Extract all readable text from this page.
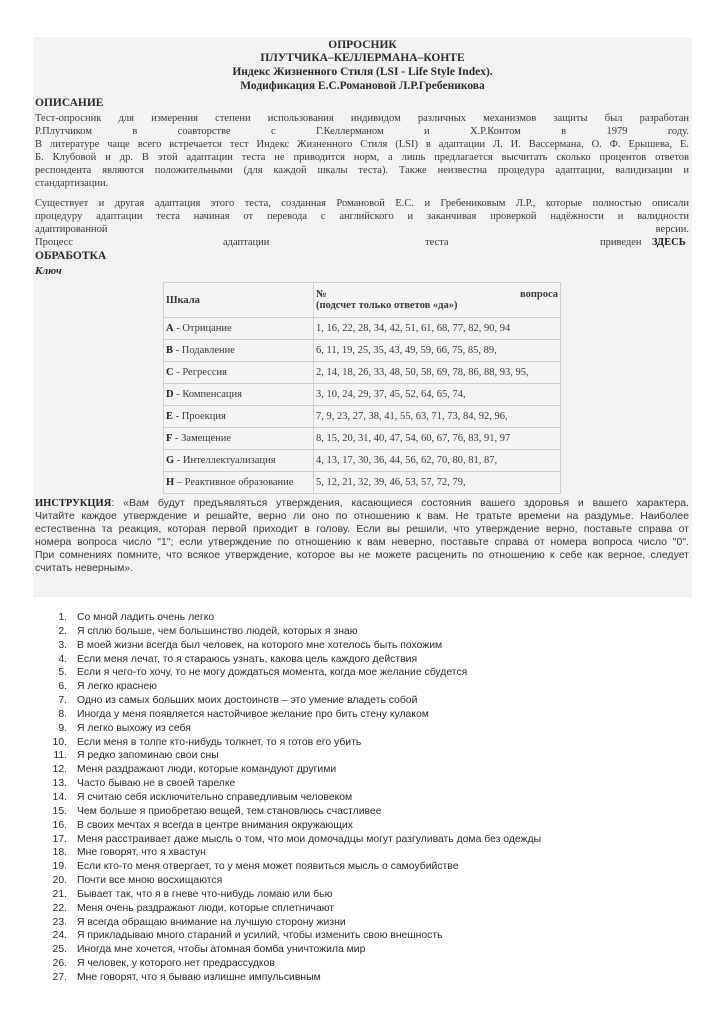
ОПРОСНИК
ПЛУТЧИКА–КЕЛЛЕРМАНА–КОНТЕ
Индекс Жизненного Стиля (LSI - Life Style Index).
Модификация Е.С.Романовой Л.Р.Гребеникова
ОПИСАНИЕ

Тест-опросник для измерения степени использования индивидом различных механизмов защиты был разработан
Р.Плутчиком в соавторстве с Г.Келлерманом и Х.Р.Контом в 1979 году.
В литературе чаще всего встречается тест Индекс Жизненного Стиля (LSI) в адаптации Л. И. Вассермана, О. Ф. Ерышева, Е.
Б. Клубовой и др. В этой адаптации теста не приводится норм, а лишь предлагается высчитать сколько процентов ответов
респондента являются положительными (для каждой шкалы теста). Также неизвестна процедура адаптации, валидизации и
стандартизации.

Существует и другая адаптация этого теста, созданная Романовой Е.С. и Гребениковым Л.Р., которые полностью описали
процедуру адаптации теста начиная от перевода с английского и заканчивая проверкой надёжности и валидности
адаптированной версии.

Процесс	адаптации	теста	приведен ЗДЕСЬ
ОБРАБОТКА
Ключ
Шкала	№ вопроса
(подсчет только ответов «да»)

A - Отрицание	1, 16, 22, 28, 34, 42, 51, 61, 68, 77, 82, 90, 94
B - Подавление	6, 11, 19, 25, 35, 43, 49, 59, 66, 75, 85, 89,
C - Регрессия	2, 14, 18, 26, 33, 48, 50, 58, 69, 78, 86, 88, 93, 95,
D - Компенсация	3, 10, 24, 29, 37, 45, 52, 64, 65, 74,
E - Проекция	7, 9, 23, 27, 38, 41, 55, 63, 71, 73, 84, 92, 96,
F - Замещение	8, 15, 20, 31, 40, 47, 54, 60, 67, 76, 83, 91, 97
G - Интеллектуализация	4, 13, 17, 30, 36, 44, 56, 62, 70, 80, 81, 87,
H – Реактивное образование	5, 12, 21, 32, 39, 46, 53, 57, 72, 79,

ИНСТРУКЦИЯ: «Вам будут предъявляться утверждения, касающиеся состояния вашего здоровья и вашего характера.
Читайте каждое утверждение и решайте, верно ли оно по отношению к вам. Не тратьте времени на раздумье. Наиболее
естественна та реакция, которая первой приходит в голову. Если вы решили, что утверждение верно, поставьте справа от
номера вопроса число "1"; если утверждение по отношению к вам неверно, поставьте справа от номера вопроса число "0".
При сомнениях помните, что всякое утверждение, которое вы не можете расценить по отношению к себе как верное, следует
считать неверным».

1. Со мной ладить очень легко
2. Я сплю больше, чем большинство людей, которых я знаю
3. В моей жизни всегда был человек, на которого мне хотелось быть похожим
4. Если меня лечат, то я стараюсь узнать, какова цель каждого действия
5. Если я чего-то хочу, то не могу дождаться момента, когда мое желание сбудется
6. Я легко краснею
7. Одно из самых больших моих достоинств – это умение владеть собой
8. Иногда у меня появляется настойчивое желание про бить стену кулаком
9. Я легко выхожу из себя
10. Если меня в толпе кто-нибудь толкнет, то я готов его убить
11. Я редко запоминаю свои сны
12. Меня раздражают люди, которые командуют другими
13. Часто бываю не в своей тарелке
14. Я считаю себя исключительно справедливым человеком
15. Чем больше я приобретаю вещей, тем становлюсь счастливее
16. В своих мечтах я всегда в центре внимания окружающих
17. Меня расстраивает даже мысль о том, что мои домочадцы могут разгуливать дома без одежды
18. Мне говорят, что я хвастун
19. Если кто-то меня отвергает, то у меня может появиться мысль о самоубийстве
20. Почти все мною восхищаются
21. Бывает так, что я в гневе что-нибудь ломаю или бью
22. Меня очень раздражают люди, которые сплетничают
23. Я всегда обращаю внимание на лучшую сторону жизни
24. Я прикладываю много стараний и усилий, чтобы изменить свою внешность
25. Иногда мне хочется, чтобы атомная бомба уничтожила мир
26. Я человек, у которого нет предрассудков
27. Мне говорят, что я бываю излишне импульсивным
